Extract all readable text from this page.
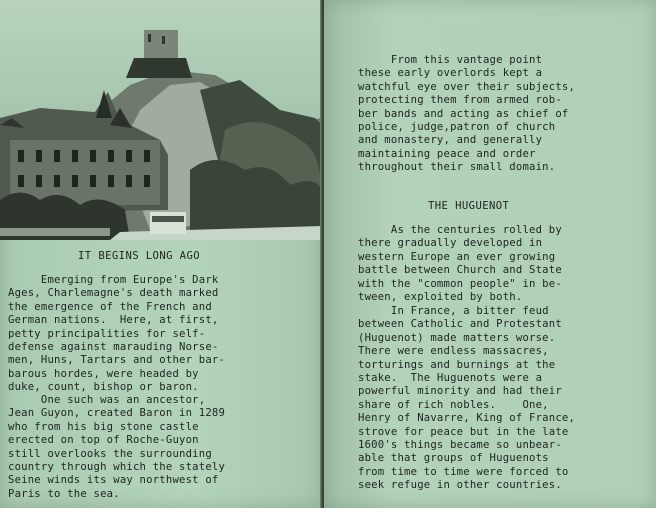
IT BEGINS LONG AGO
Emerging from Europe's Dark
Ages, Charlemagne's death marked
the emergence of the French and
German nations.  Here, at first,
petty principalities for self-
defense against marauding Norse-
men, Huns, Tartars and other bar-
barous hordes, were headed by
duke, count, bishop or baron.
One such was an ancestor,
Jean Guyon, created Baron in 1289
who from his big stone castle
erected on top of Roche-Guyon
still overlooks the surrounding
country through which the stately
Seine winds its way northwest of
Paris to the sea.
From this vantage point
these early overlords kept a
watchful eye over their subjects,
protecting them from armed rob-
ber bands and acting as chief of
police, judge,patron of church
and monastery, and generally
maintaining peace and order
throughout their small domain.
THE HUGUENOT
As the centuries rolled by
there gradually developed in
western Europe an ever growing
battle between Church and State
with the "common people" in be-
tween, exploited by both.
In France, a bitter feud
between Catholic and Protestant
(Huguenot) made matters worse.
There were endless massacres,
torturings and burnings at the
stake.  The Huguenots were a
powerful minority and had their
share of rich nobles.    One,
Henry of Navarre, King of France,
strove for peace but in the late
1600's things became so unbear-
able that groups of Huguenots
from time to time were forced to
seek refuge in other countries.
